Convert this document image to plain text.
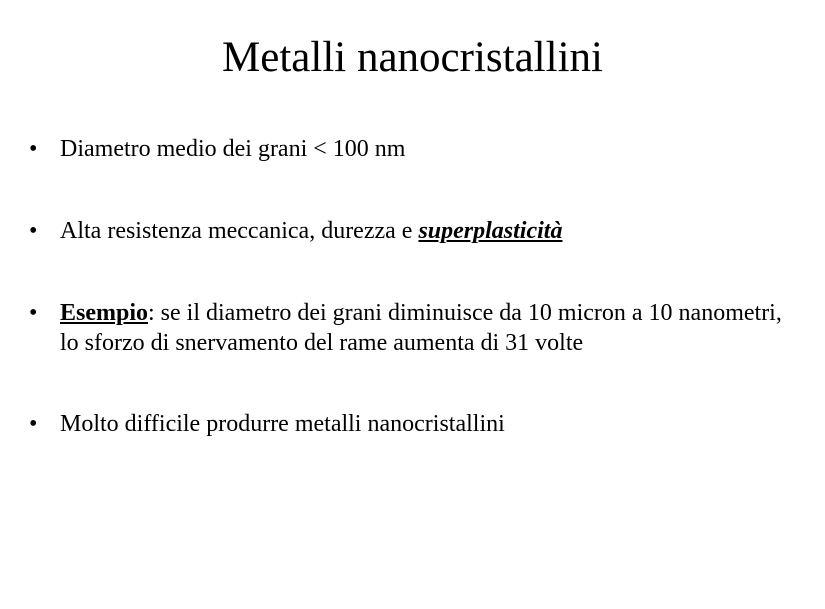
Metalli nanocristallini
• Diametro medio dei grani < 100 nm
• Alta resistenza meccanica, durezza e superplasticità
• Esempio: se il diametro dei grani diminuisce da 10 micron a 10 nanometri, lo sforzo di snervamento del rame aumenta di 31 volte
• Molto difficile produrre metalli nanocristallini
